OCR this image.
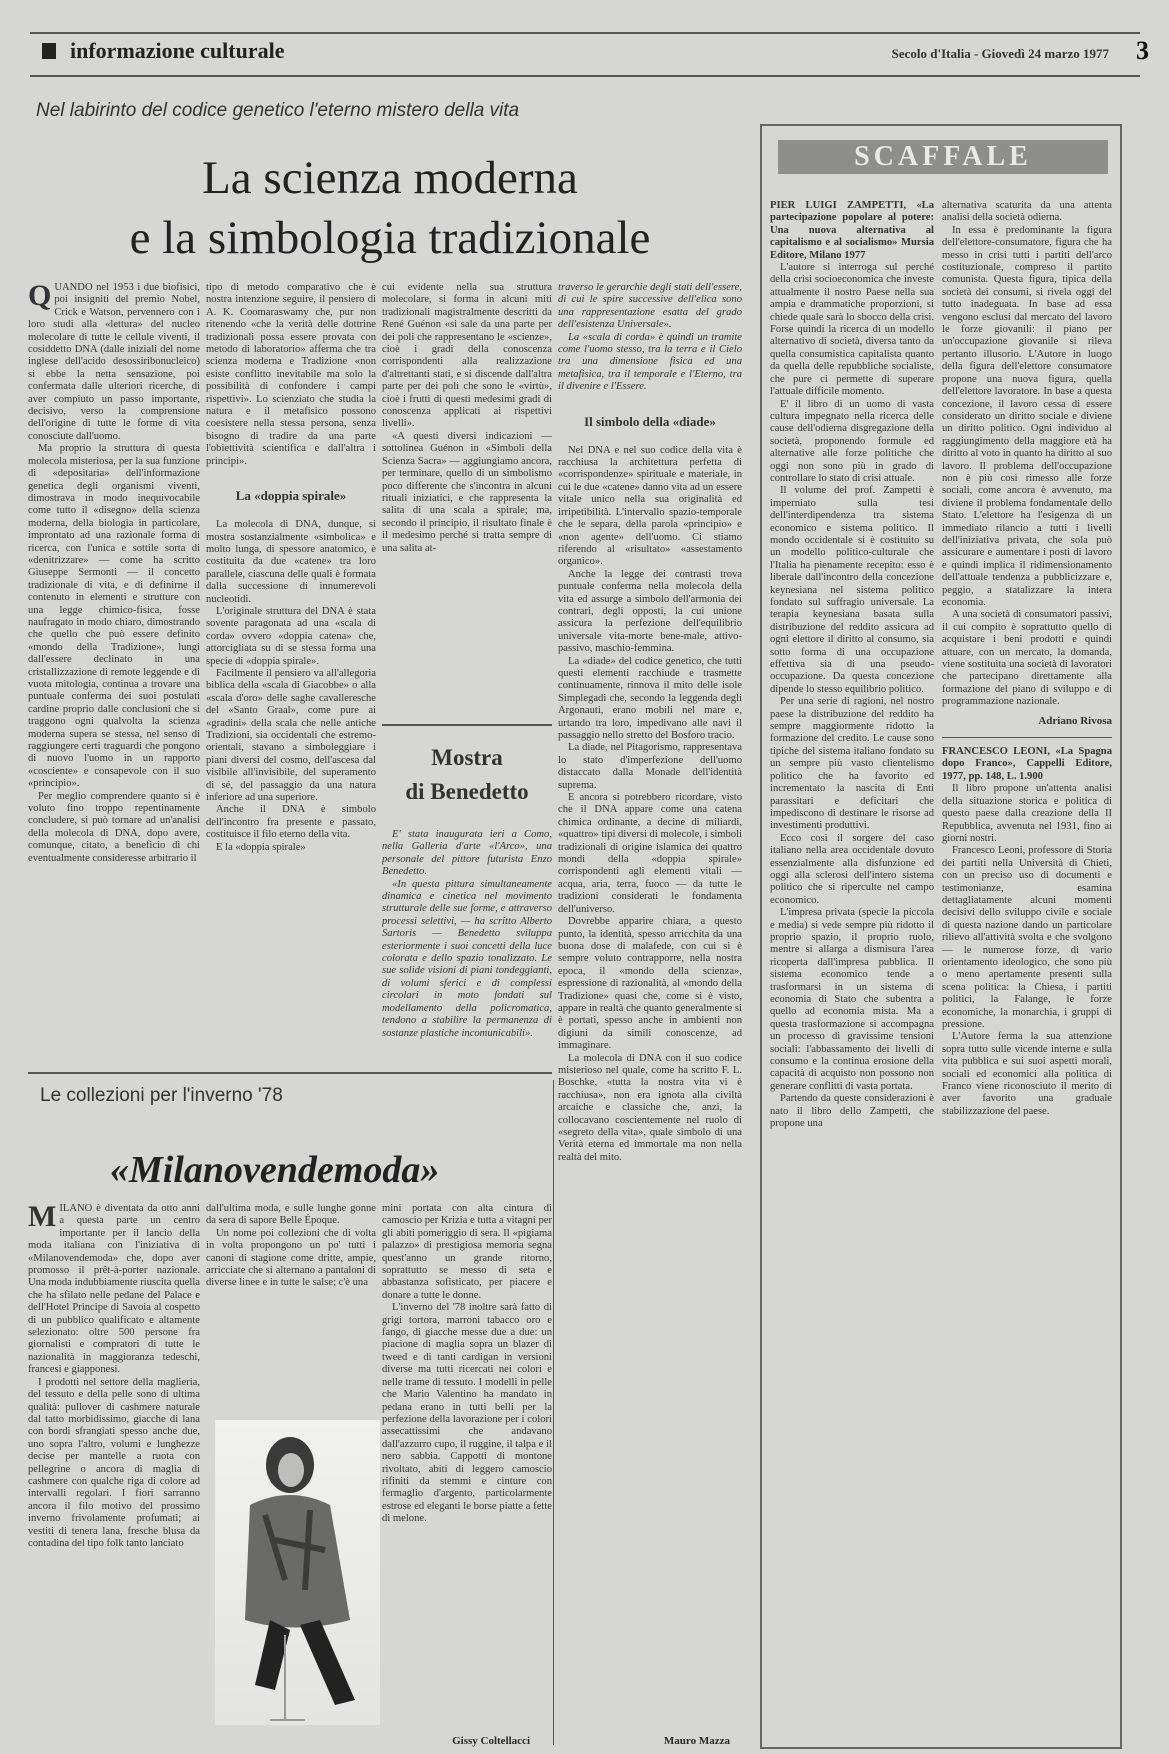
informazione culturale	Secolo d'Italia - Giovedì 24 marzo 1977 3
Nel labirinto del codice genetico l'eterno mistero della vita
La scienza moderna
e la simbologia tradizionale
Q UANDO nel 1953 i due biofisici, poi insigniti del premio Nobel, Crick e Watson, pervennero con i loro studi alla «lettura» del nucleo molecolare di tutte le cellule viventi, il cosiddetto DNA (dalle iniziali del nome inglese dell'acido desossiribonucleico) si ebbe la netta sensazione, poi confermata dalle ulteriori ricerche, di aver compiuto un passo importante, decisivo, verso la comprensione dell'origine di tutte le forme di vita conosciute dall'uomo.

Ma proprio la struttura di questa molecola misteriosa, per la sua funzione di «depositaria» dell'informazione genetica degli organismi viventi, dimostrava in modo inequivocabile come tutto il «disegno» della scienza moderna, della biologia in particolare, improntato ad una razionale forma di ricerca, con l'unica e sottile sorta di «denitrizzare» — come ha scritto Giuseppe Sermonti — il concetto tradizionale di vita, e di definirne il contenuto in elementi e strutture con una legge chimico-fisica, fosse naufragato in modo chiaro, dimostrando che quello che può essere definito «mondo della Tradizione», lungi dall'essere declinato in una cristallizzazione di remote leggende e di vuota mitologia, continua a trovare una puntuale conferma dei suoi postulati cardine proprio dalle conclusioni che si traggono ogni qualvolta la scienza moderna supera se stessa, nel senso di raggiungere certi traguardi che pongono di nuovo l'uomo in un rapporto «cosciente» e consapevole con il suo «principio».

Per meglio comprendere quanto si è voluto fino troppo repentinamente concludere, si può tornare ad un'analisi della molecola di DNA, dopo avere, comunque, citato, a beneficio di chi eventualmente consideresse arbitrario il

tipo di metodo comparativo che è nostra intenzione seguire, il pensiero di A. K. Coomaraswamy che, pur non ritenendo «che la verità delle dottrine tradizionali possa essere provata con metodo di laboratorio» afferma che tra scienza moderna e Tradizione «non esiste conflitto inevitabile ma solo la possibilità di confondere i campi rispettivi». Lo scienziato che studia la natura e il metafisico possono coesistere nella stessa persona, senza bisogno di tradire da una parte l'obiettività scientifica e dall'altra i principi».

La «doppia spirale»

La molecola di DNA, dunque, si mostra sostanzialmente «simbolica» e molto lunga, di spessore anatomico, è costituita da due «catene» tra loro parallele, ciascuna delle quali è formata dalla successione di innumerevoli nucleotidi.

L'originale struttura del DNA è stata sovente paragonata ad una «scala di corda» ovvero «doppia catena» che, attorcigliata su di se stessa forma una specie di «doppia spirale».

Facilmente il pensiero va all'allegoria biblica della «scala di Giacobbe» o alla «scala d'oro» delle saghe cavalleresche del «Santo Graal», come pure ai «gradini» della scala che nelle antiche Tradizioni, sia occidentali che estremo-orientali, stavano a simboleggiare i piani diversi del cosmo, dell'ascesa dal visibile all'invisibile, del superamento di sé, del passaggio da una natura inferiore ad una superiore.

Anche il DNA è simbolo dell'incontro fra presente e passato, costituisce il filo eterno della vita.

E la «doppia spirale»

cui evidente nella sua struttura molecolare, si forma in alcuni miti tradizionali magistralmente descritti da René Guénon «si sale da una parte per dei poli che rappresentano le «scienze», cioè i gradi della conoscenza corrispondenti alla realizzazione d'altrettanti stati, e si discende dall'altra parte per dei poli che sono le «virtù», cioè i frutti di questi medesimi gradi di conoscenza applicati ai rispettivi livelli».

«A questi diversi indicazioni — sottolinea Guénon in «Simboli della Scienza Sacra» — aggiungiamo ancora, per terminare, quello di un simbolismo poco differente che s'incontra in alcuni rituali iniziatici, e che rappresenta la salita di una scala a spirale; ma, secondo il principio, il risultato finale è il medesimo perché si tratta sempre di una salita at-

Mostra
di Benedetto

E' stata inaugurata ieri a Como, nella Galleria d'arte «l'Arco», una personale del pittore futurista Enzo Benedetto.

«In questa pittura simultaneamente dinamica e cinetica nel movimento strutturale delle sue forme, e attraverso processi selettivi, — ha scritto Alberto Sartoris — Benedetto sviluppa esteriormente i suoi concetti della luce colorata e dello spazio tonalizzato. Le sue solide visioni di piani tondeggianti, di volumi sferici e di complessi circolari in moto fondati sul modellamento della policromatica, tendono a stabilire la permanenza di sostanze plastiche incomunicabili».

traverso le gerarchie degli stati dell'essere, di cui le spire successive dell'elica sono una rappresentazione esatta del grado dell'esistenza Universale».

La «scala di corda» è quindi un tramite come l'uomo stesso, tra la terra e il Cielo tra una dimensione fisica ed una metafisica, tra il temporale e l'Eterno, tra il divenire e l'Essere.

Il simbolo della «diade»

Nel DNA e nel suo codice della vita è racchiusa la architettura perfetta di «corrispondenze» spirituale e materiale, in cui le due «catene» danno vita ad un essere vitale unico nella sua originalità ed irripetibilità. L'intervallo spazio-temporale che le separa, della parola «principio» e «non agente» dell'uomo. Ci stiamo riferendo al «risultato» «assestamento organico».

Anche la legge dei contrasti trova puntuale conferma nella molecola della vita ed assurge a simbolo dell'armonia dei contrari, degli opposti, la cui unione assicura la perfezione dell'equilibrio universale vita-morte bene-male, attivo-passivo, maschio-femmina.

La «diade» del codice genetico, che tutti questi elementi racchiude e trasmette continuamente, rinnova il mito delle isole Simplegadi che, secondo la leggenda degli Argonauti, erano mobili nel mare e, urtando tra loro, impedivano alle navi il passaggio nello stretto del Bosforo tracio.

La diade, nel Pitagorismo, rappresentava lo stato d'imperfezione dell'uomo distaccato dalla Monade dell'identità suprema.

E ancora si potrebbero ricordare, visto che il DNA appare come una catena chimica ordinante, a decine di miliardi, «quattro» tipi diversi di molecole, i simboli tradizionali di origine islamica dei quattro mondi della «doppia spirale» corrispondenti agli elementi vitali — acqua, aria, terra, fuoco — da tutte le tradizioni considerati le fondamenta dell'universo.

Dovrebbe apparire chiara, a questo punto, la identità, spesso arricchita da una buona dose di malafede, con cui si è sempre voluto contrapporre, nella nostra epoca, il «mondo della scienza», espressione di razionalità, al «mondo della Tradizione» quasi che, come si è visto, appare in realtà che quanto generalmente si è portati, spesso anche in ambienti non digiuni da simili conoscenze, ad immaginare.

La molecola di DNA con il suo codice misterioso nel quale, come ha scritto F. L. Boschke, «tutta la nostra vita vi è racchiusa», non era ignota alla civiltà arcaiche e classiche che, anzi, la collocavano coscientemente nel ruolo di «segreto della vita», quale simbolo di una Verità eterna ed immortale ma non nella realtà del mito.

Mauro Mazza
Le collezioni per l'inverno '78
«Milanovendemoda»
M ILANO è diventata da otto anni a questa parte un centro importante per il lancio della moda italiana con l'iniziativa di «Milanovendemoda» che, dopo aver promosso il prêt-à-porter nazionale. Una moda indubbiamente riuscita quella che ha sfilato nelle pedane del Palace e dell'Hotel Principe di Savoia al cospetto di un pubblico qualificato e altamente selezionato: oltre 500 persone fra giornalisti e compratori di tutte le nazionalità in maggioranza tedeschi, francesi e giapponesi.

I prodotti nel settore della maglieria, del tessuto e della pelle sono di ultima qualità: pullover di cashmere naturale dal tatto morbidissimo, giacche di lana con bordi sfrangiati spesso anche due, uno sopra l'altro, volumi e lunghezze decise per mantelle a ruota con pellegrine o ancora di maglia di cashmere con qualche riga di colore ad intervalli regolari. I fiori sarranno ancora il filo motivo del prossimo inverno frivolamente profumati; ai vestiti di tenera lana, fresche blusa da contadina del tipo folk tanto lanciato

dall'ultima moda, e sulle lunghe gonne da sera di sapore Belle Époque.

Un nome poi collezioni che di volta in volta propongono un po' tutti i canoni di stagione come dritte, ampie, arricciate che si alternano a pantaloni di diverse linee e in tutte le salse; c'è una

mini portata con alta cintura di camoscio per Krizia e tutta a vitagni per gli abiti pomeriggio di sera. Il «pigiama palazzo» di prestigiosa memoria segna quest'anno un grande ritorno, soprattutto se messo di seta e abbastanza sofisticato, per piacere e donare a tutte le donne.

L'inverno del '78 inoltre sarà fatto di grigi tortora, marroni tabacco oro e fango, di giacche messe due a due: un piacione di maglia sopra un blazer di tweed e di tanti cardigan in versioni diverse ma tutti ricercati nei colori e nelle trame di tessuto. I modelli in pelle che Mario Valentino ha mandato in pedana erano in tutti belli per la perfezione della lavorazione per i colori assecattissimi che andavano dall'azzurro cupo, il ruggine, il talpa e il nero sabbia. Cappotti di montone rivoltato, abiti di leggero camoscio rifiniti da stemmi e cinture con fermaglio d'argento, particolarmente estrose ed eleganti le borse piatte a fette di melone.

Gissy Coltellacci
SCAFFALE

PIER LUIGI ZAMPETTI, «La partecipazione popolare al potere: Una nuova alternativa al capitalismo e al socialismo» Mursia Editore, Milano 1977

L'autore si interroga sul perché della crisi socioeconomica che investe attualmente il nostro Paese nella sua ampia e drammatiche proporzioni, si chiede quale sarà lo sbocco della crisi. Forse quindi la ricerca di un modello alternativo di società, diversa tanto da quella consumistica capitalista quanto da quella delle repubbliche socialiste, che pure ci permette di superare l'attuale difficile momento.

E' il libro di un uomo di vasta cultura impegnato nella ricerca delle cause dell'odierna disgregazione della società, proponendo formule ed alternative alle forze politiche che oggi non sono più in grado di controllare lo stato di crisi attuale.

Il volume del prof. Zampetti è imperniato sulla tesi dell'interdipendenza tra sistema economico e sistema politico. Il mondo occidentale si è costituito su un modello politico-culturale che l'Italia ha pienamente recepito: esso è liberale dall'incontro della concezione keynesiana nel sistema politico fondato sul suffragio universale. La terapia keynesiana basata sulla distribuzione del reddito assicura ad ogni elettore il diritto al consumo, sia sotto forma di una occupazione effettiva sia di una pseudo-occupazione. Da questa concezione dipende lo stesso equilibrio politico.

Per una serie di ragioni, nel nostro paese la distribuzione del reddito ha sempre maggiormente ridotto la formazione del credito. Le cause sono tipiche del sistema italiano fondato su un sempre più vasto clientelismo politico che ha favorito ed incrementato la nascita di Enti parassitari e deficitari che impediscono di destinare le risorse ad investimenti produttivi.

Ecco così il sorgere del caso italiano nella area occidentale dovuto essenzialmente alla disfunzione ed oggi alla sclerosi dell'intero sistema politico che si riperculte nel campo economico.

L'impresa privata (specie la piccola e media) si vede sempre più ridotto il proprio spazio, il proprio ruolo, mentre si allarga a dismisura l'area ricoperta dall'impresa pubblica. Il sistema economico tende a trasformarsi in un sistema di economia di Stato che subentra a quello ad economia mista. Ma a questa trasformazione si accompagna un processo di gravissime tensioni sociali: l'abbassamento dei livelli di consumo e la continua erosione della capacità di acquisto non possono non generare conflitti di vasta portata.

Partendo da queste considerazioni è nato il libro dello Zampetti, che propone una

alternativa scaturita da una attenta analisi della società odierna.

In essa è predominante la figura dell'elettore-consumatore, figura che ha messo in crisi tutti i partiti dell'arco costituzionale, compreso il partito comunista. Questa figura, tipica della società dei consumi, si rivela oggi del tutto inadeguata. In base ad essa vengono esclusi dal mercato del lavoro le forze giovanili: il piano per un'occupazione giovanile si rileva pertanto illusorio. L'Autore in luogo della figura dell'elettore consumatore propone una nuova figura, quella dell'elettore lavoratore. In base a questa concezione, il lavoro cessa di essere considerato un diritto sociale e diviene un diritto politico. Ogni individuo al raggiungimento della maggiore età ha diritto al voto in quanto ha diritto al suo lavoro. Il problema dell'occupazione non è più così rimesso alle forze sociali, come ancora è avvenuto, ma diviene il problema fondamentale dello Stato. L'elettore ha l'esigenza di un immediato rilancio a tutti i livelli dell'iniziativa privata, che sola può assicurare e aumentare i posti di lavoro e quindi implica il ridimensionamento dell'attuale tendenza a pubblicizzare e, peggio, a statalizzare la intera economia.

A una società di consumatori passivi, il cui compito è soprattutto quello di acquistare i beni prodotti e quindi attuare, con un mercato, la domanda, viene sostituita una società di lavoratori che partecipano direttamente alla formazione del piano di sviluppo e di programmazione nazionale.

Adriano Rivosa

FRANCESCO LEONI, «La Spagna dopo Franco», Cappelli Editore, 1977, pp. 148, L. 1.900

Il libro propone un'attenta analisi della situazione storica e politica di questo paese dalla creazione della II Repubblica, avvenuta nel 1931, fino ai giorni nostri.

Francesco Leoni, professore di Storia dei partiti nella Università di Chieti, con un preciso uso di documenti e testimonianze, esamina dettagliatamente alcuni momenti decisivi dello sviluppo civile e sociale di questa nazione dando un particolare rilievo all'attività svolta e che svolgono — le numerose forze, di vario orientamento ideologico, che sono più o meno apertamente presenti sulla scena politica: la Chiesa, i partiti politici, la Falange, le forze economiche, la monarchia, i gruppi di pressione.

L'Autore ferma la sua attenzione sopra tutto sulle vicende interne e sulla vita pubblica e sui suoi aspetti morali, sociali ed economici alla politica di Franco viene riconosciuto il merito di aver favorito una graduale stabilizzazione del paese.
